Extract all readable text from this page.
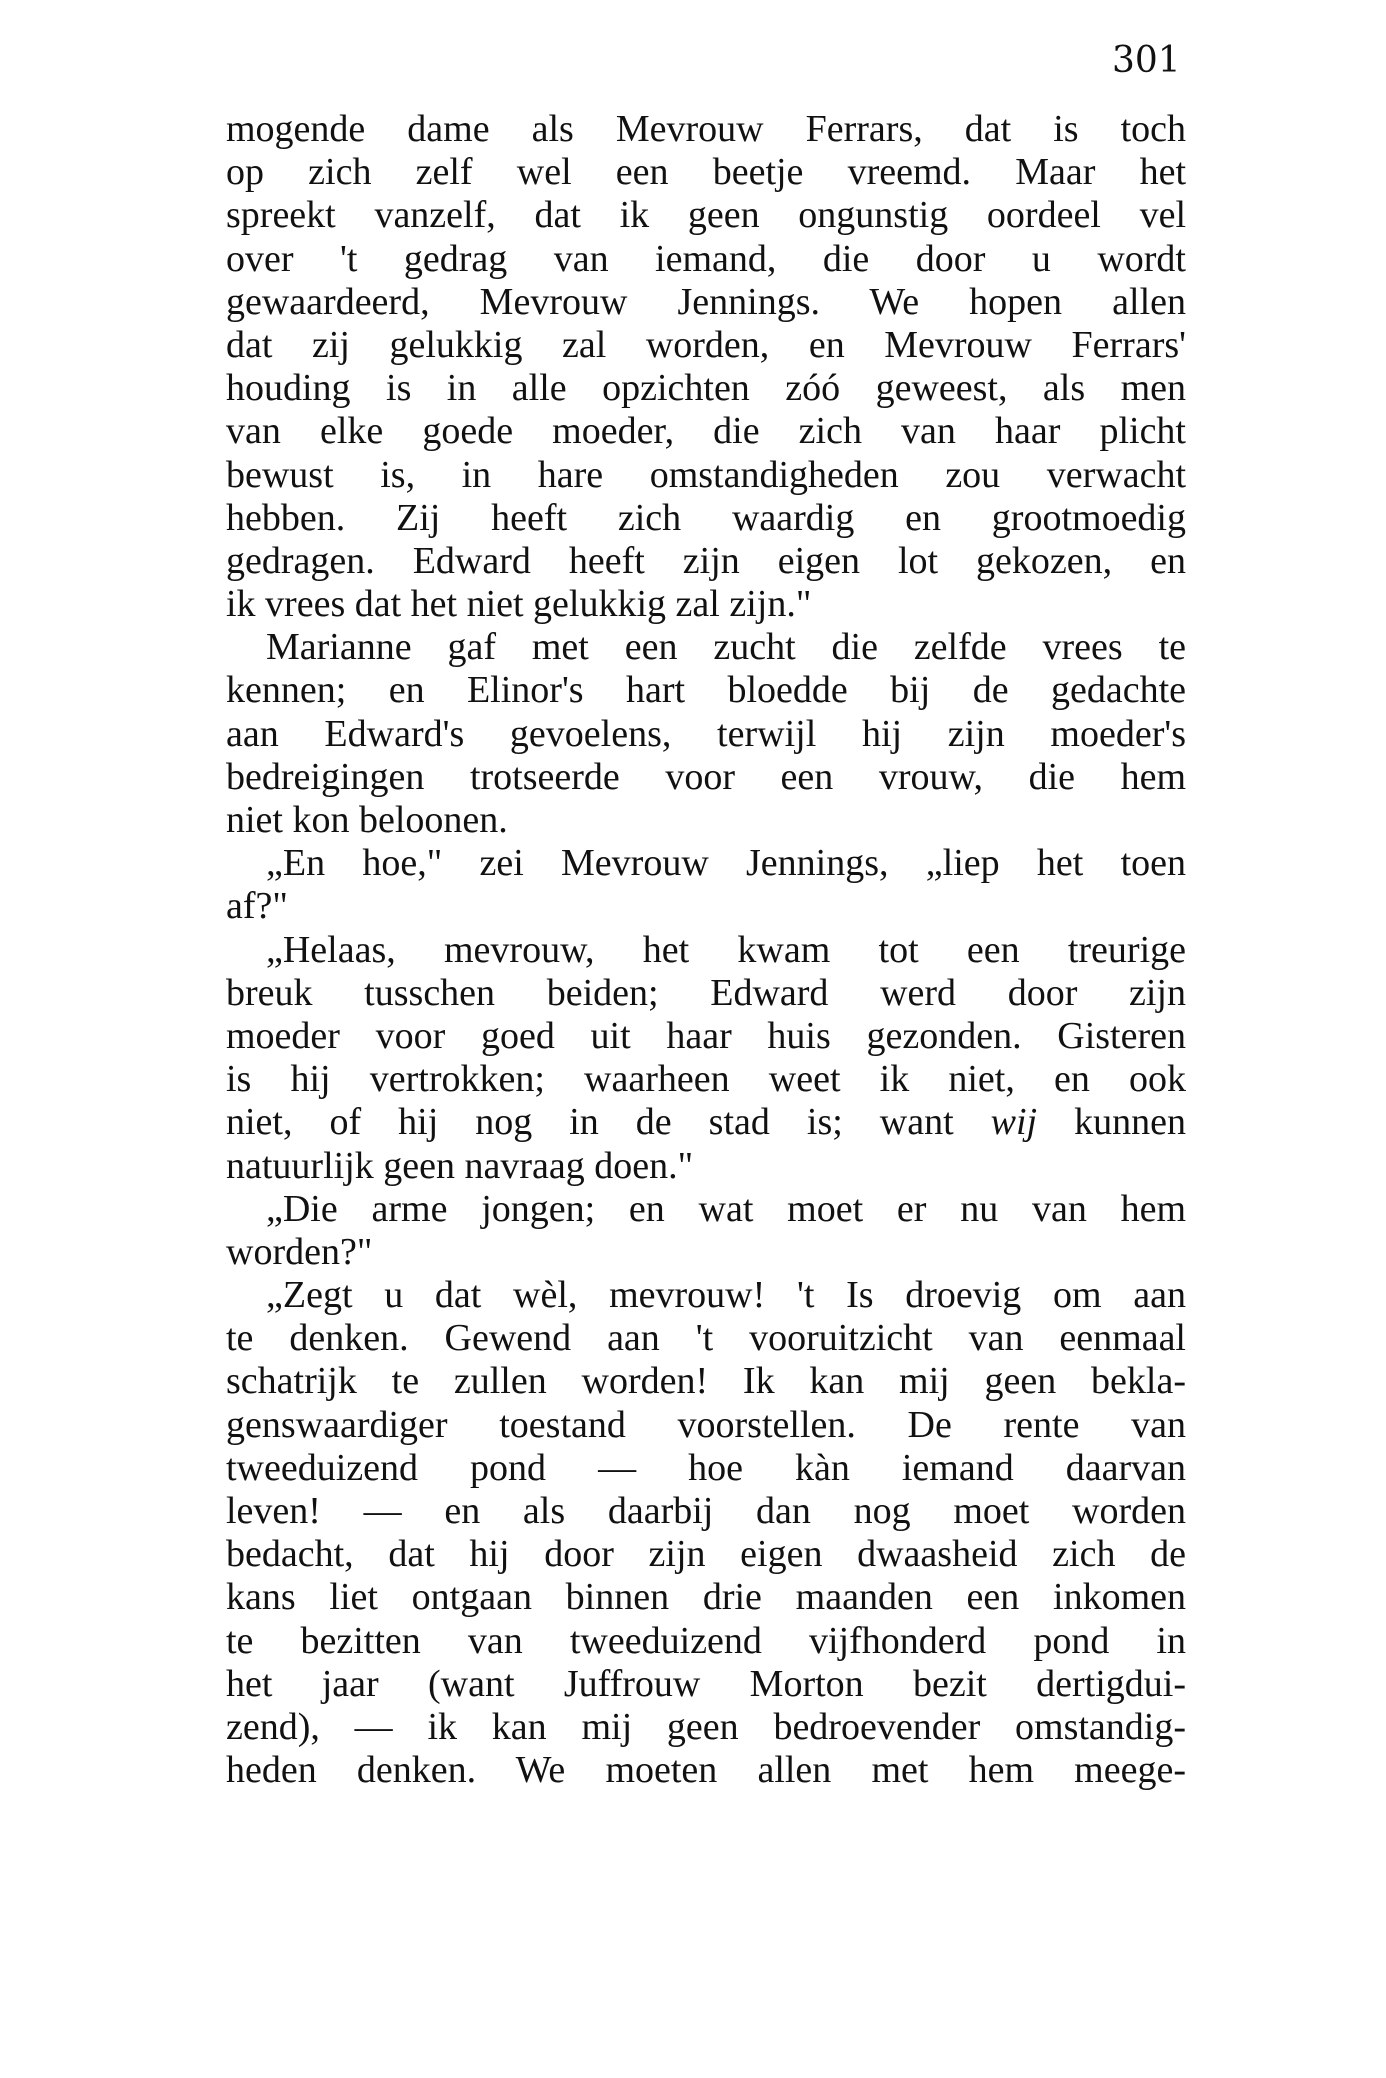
301
mogende dame als Mevrouw Ferrars, dat is toch
op zich zelf wel een beetje vreemd. Maar het
spreekt vanzelf, dat ik geen ongunstig oordeel vel
over 't gedrag van iemand, die door u wordt
gewaardeerd, Mevrouw Jennings. We hopen allen
dat zij gelukkig zal worden, en Mevrouw Ferrars'
houding is in alle opzichten zóó geweest, als men
van elke goede moeder, die zich van haar plicht
bewust is, in hare omstandigheden zou verwacht
hebben. Zij heeft zich waardig en grootmoedig
gedragen. Edward heeft zijn eigen lot gekozen, en
ik vrees dat het niet gelukkig zal zijn."
Marianne gaf met een zucht die zelfde vrees te
kennen; en Elinor's hart bloedde bij de gedachte
aan Edward's gevoelens, terwijl hij zijn moeder's
bedreigingen trotseerde voor een vrouw, die hem
niet kon beloonen.
„En hoe," zei Mevrouw Jennings, „liep het toen
af?"
„Helaas, mevrouw, het kwam tot een treurige
breuk tusschen beiden; Edward werd door zijn
moeder voor goed uit haar huis gezonden. Gisteren
is hij vertrokken; waarheen weet ik niet, en ook
niet, of hij nog in de stad is; want wij kunnen
natuurlijk geen navraag doen."
„Die arme jongen; en wat moet er nu van hem
worden?"
„Zegt u dat wèl, mevrouw! 't Is droevig om aan
te denken. Gewend aan 't vooruitzicht van eenmaal
schatrijk te zullen worden! Ik kan mij geen bekla-
genswaardiger toestand voorstellen. De rente van
tweeduizend pond — hoe kàn iemand daarvan
leven! — en als daarbij dan nog moet worden
bedacht, dat hij door zijn eigen dwaasheid zich de
kans liet ontgaan binnen drie maanden een inkomen
te bezitten van tweeduizend vijfhonderd pond in
het jaar (want Juffrouw Morton bezit dertigdui-
zend), — ik kan mij geen bedroevender omstandig-
heden denken. We moeten allen met hem meege-
